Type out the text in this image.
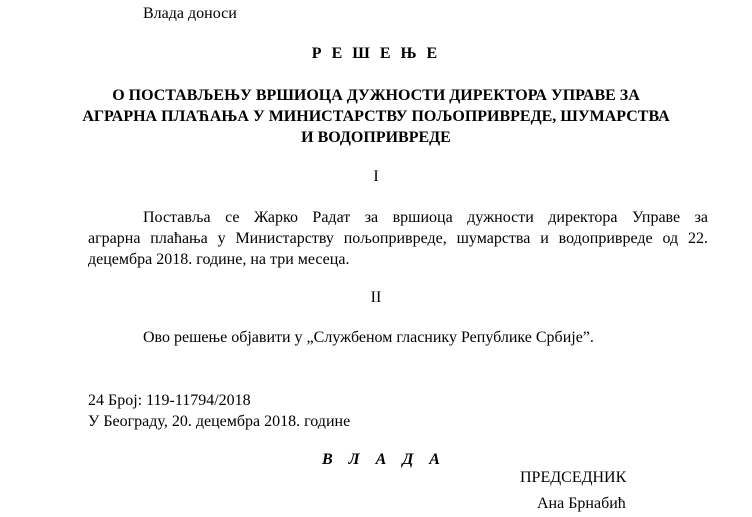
Влада доноси
Р Е Ш Е Њ Е
О ПОСТАВЉЕЊУ ВРШИОЦА ДУЖНОСТИ ДИРЕКТОРА УПРАВЕ ЗА
АГРАРНА ПЛАЋАЊА У МИНИСТАРСТВУ ПОЉОПРИВРЕДЕ, ШУМАРСТВА
И ВОДОПРИВРЕДЕ
I
Поставља се Жарко Радат за вршиоца дужности директора Управе за
аграрна плаћања у Министарству пољопривреде, шумарства и водопривреде од 22.
децембра 2018. године, на три месеца.
II
Ово решење објавити у „Службеном гласнику Републике Србије”.
24 Број: 119-11794/2018
У Београду, 20. децембра 2018. године
В Л А Д А
ПРЕДСЕДНИК
Ана Брнабић
